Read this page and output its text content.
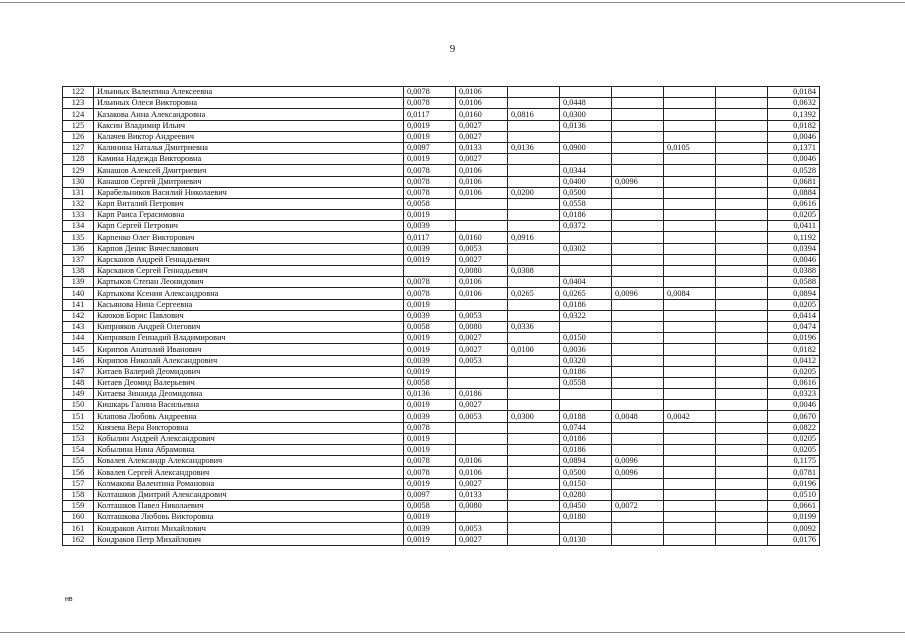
9
122	Ильиных Валентина Алексеевна	0,0078	0,0106						0,0184
123	Ильиных Олеся Викторовна	0,0078	0,0106		0,0448				0,0632
124	Казакова Анна Александровна	0,0117	0,0160	0,0816	0,0300				0,1392
125	Каксин Владимир Ильич	0,0019	0,0027		0,0136				0,0182
126	Калачев Виктор Андреевич	0,0019	0,0027						0,0046
127	Калинина Наталья Дмитриевна	0,0097	0,0133	0,0136	0,0900		0,0105		0,1371
128	Камина Надежда Викторовна	0,0019	0,0027						0,0046
129	Канашов Алексей Дмитриевич	0,0078	0,0106		0,0344				0,0528
130	Канашов Сергей Дмитриевич	0,0078	0,0106		0,0400	0,0096			0,0681
131	Карабельников Василий Николаевич	0,0078	0,0106	0,0200	0,0500				0,0884
132	Карп Виталий Петрович	0,0058			0,0558				0,0616
133	Карп Раиса Герасимовна	0,0019			0,0186				0,0205
134	Карп Сергей Петрович	0,0039			0,0372				0,0411
135	Карпенко Олег Викторович	0,0117	0,0160	0,0916					0,1192
136	Карпов Денис Вячеславович	0,0039	0,0053		0,0302				0,0394
137	Карсканов Андрей Геннадьевич	0,0019	0,0027						0,0046
138	Карсканов Сергей Геннадьевич		0,0080	0,0308					0,0388
139	Картыков Степан Леонидович	0,0078	0,0106		0,0404				0,0588
140	Картыкова Ксения Александровна	0,0078	0,0106	0,0265	0,0265	0,0096	0,0084		0,0894
141	Касьянова Нина Сергеевна	0,0019			0,0186				0,0205
142	Каюков Борис Павлович	0,0039	0,0053		0,0322				0,0414
143	Кипрняков Андрей Олегович	0,0058	0,0080	0,0336					0,0474
144	Кипрняков Геннадий Владимирович	0,0019	0,0027		0,0150				0,0196
145	Кирипов Анатолий Иванович	0,0019	0,0027	0,0100	0,0036				0,0182
146	Кирипов Николай Александрович	0,0039	0,0053		0,0320				0,0412
147	Китаев Валерий Деомидович	0,0019			0,0186				0,0205
148	Китаев Деомид Валерьевич	0,0058			0,0558				0,0616
149	Китаева Зинаида Деомидовна	0,0136	0,0186						0,0323
150	Кишкарь Галина Васильевна	0,0019	0,0027						0,0046
151	Клапова Любовь Андреевна	0,0039	0,0053	0,0300	0,0188	0,0048	0,0042		0,0670
152	Князева Вера Викторовна	0,0078			0,0744				0,0822
153	Кобылин Андрей Александрович	0,0019			0,0186				0,0205
154	Кобылина Нина Абрамовна	0,0019			0,0186				0,0205
155	Ковалев Александр Александрович	0,0078	0,0106		0,0894	0,0096			0,1175
156	Ковалев Сергей Александрович	0,0078	0,0106		0,0500	0,0096			0,0781
157	Колмакова Валентина Романовна	0,0019	0,0027		0,0150				0,0196
158	Колташков Дмитрий Александрович	0,0097	0,0133		0,0280				0,0510
159	Колташков Павел Николаевич	0,0058	0,0080		0,0450	0,0072			0,0661
160	Колташкова Любовь Викторовна	0,0019			0,0180				0,0199
161	Кондраков Антон Михайлович	0,0039	0,0053						0,0092
162	Кондраков Петр Михайлович	0,0019	0,0027		0,0130				0,0176
нв
